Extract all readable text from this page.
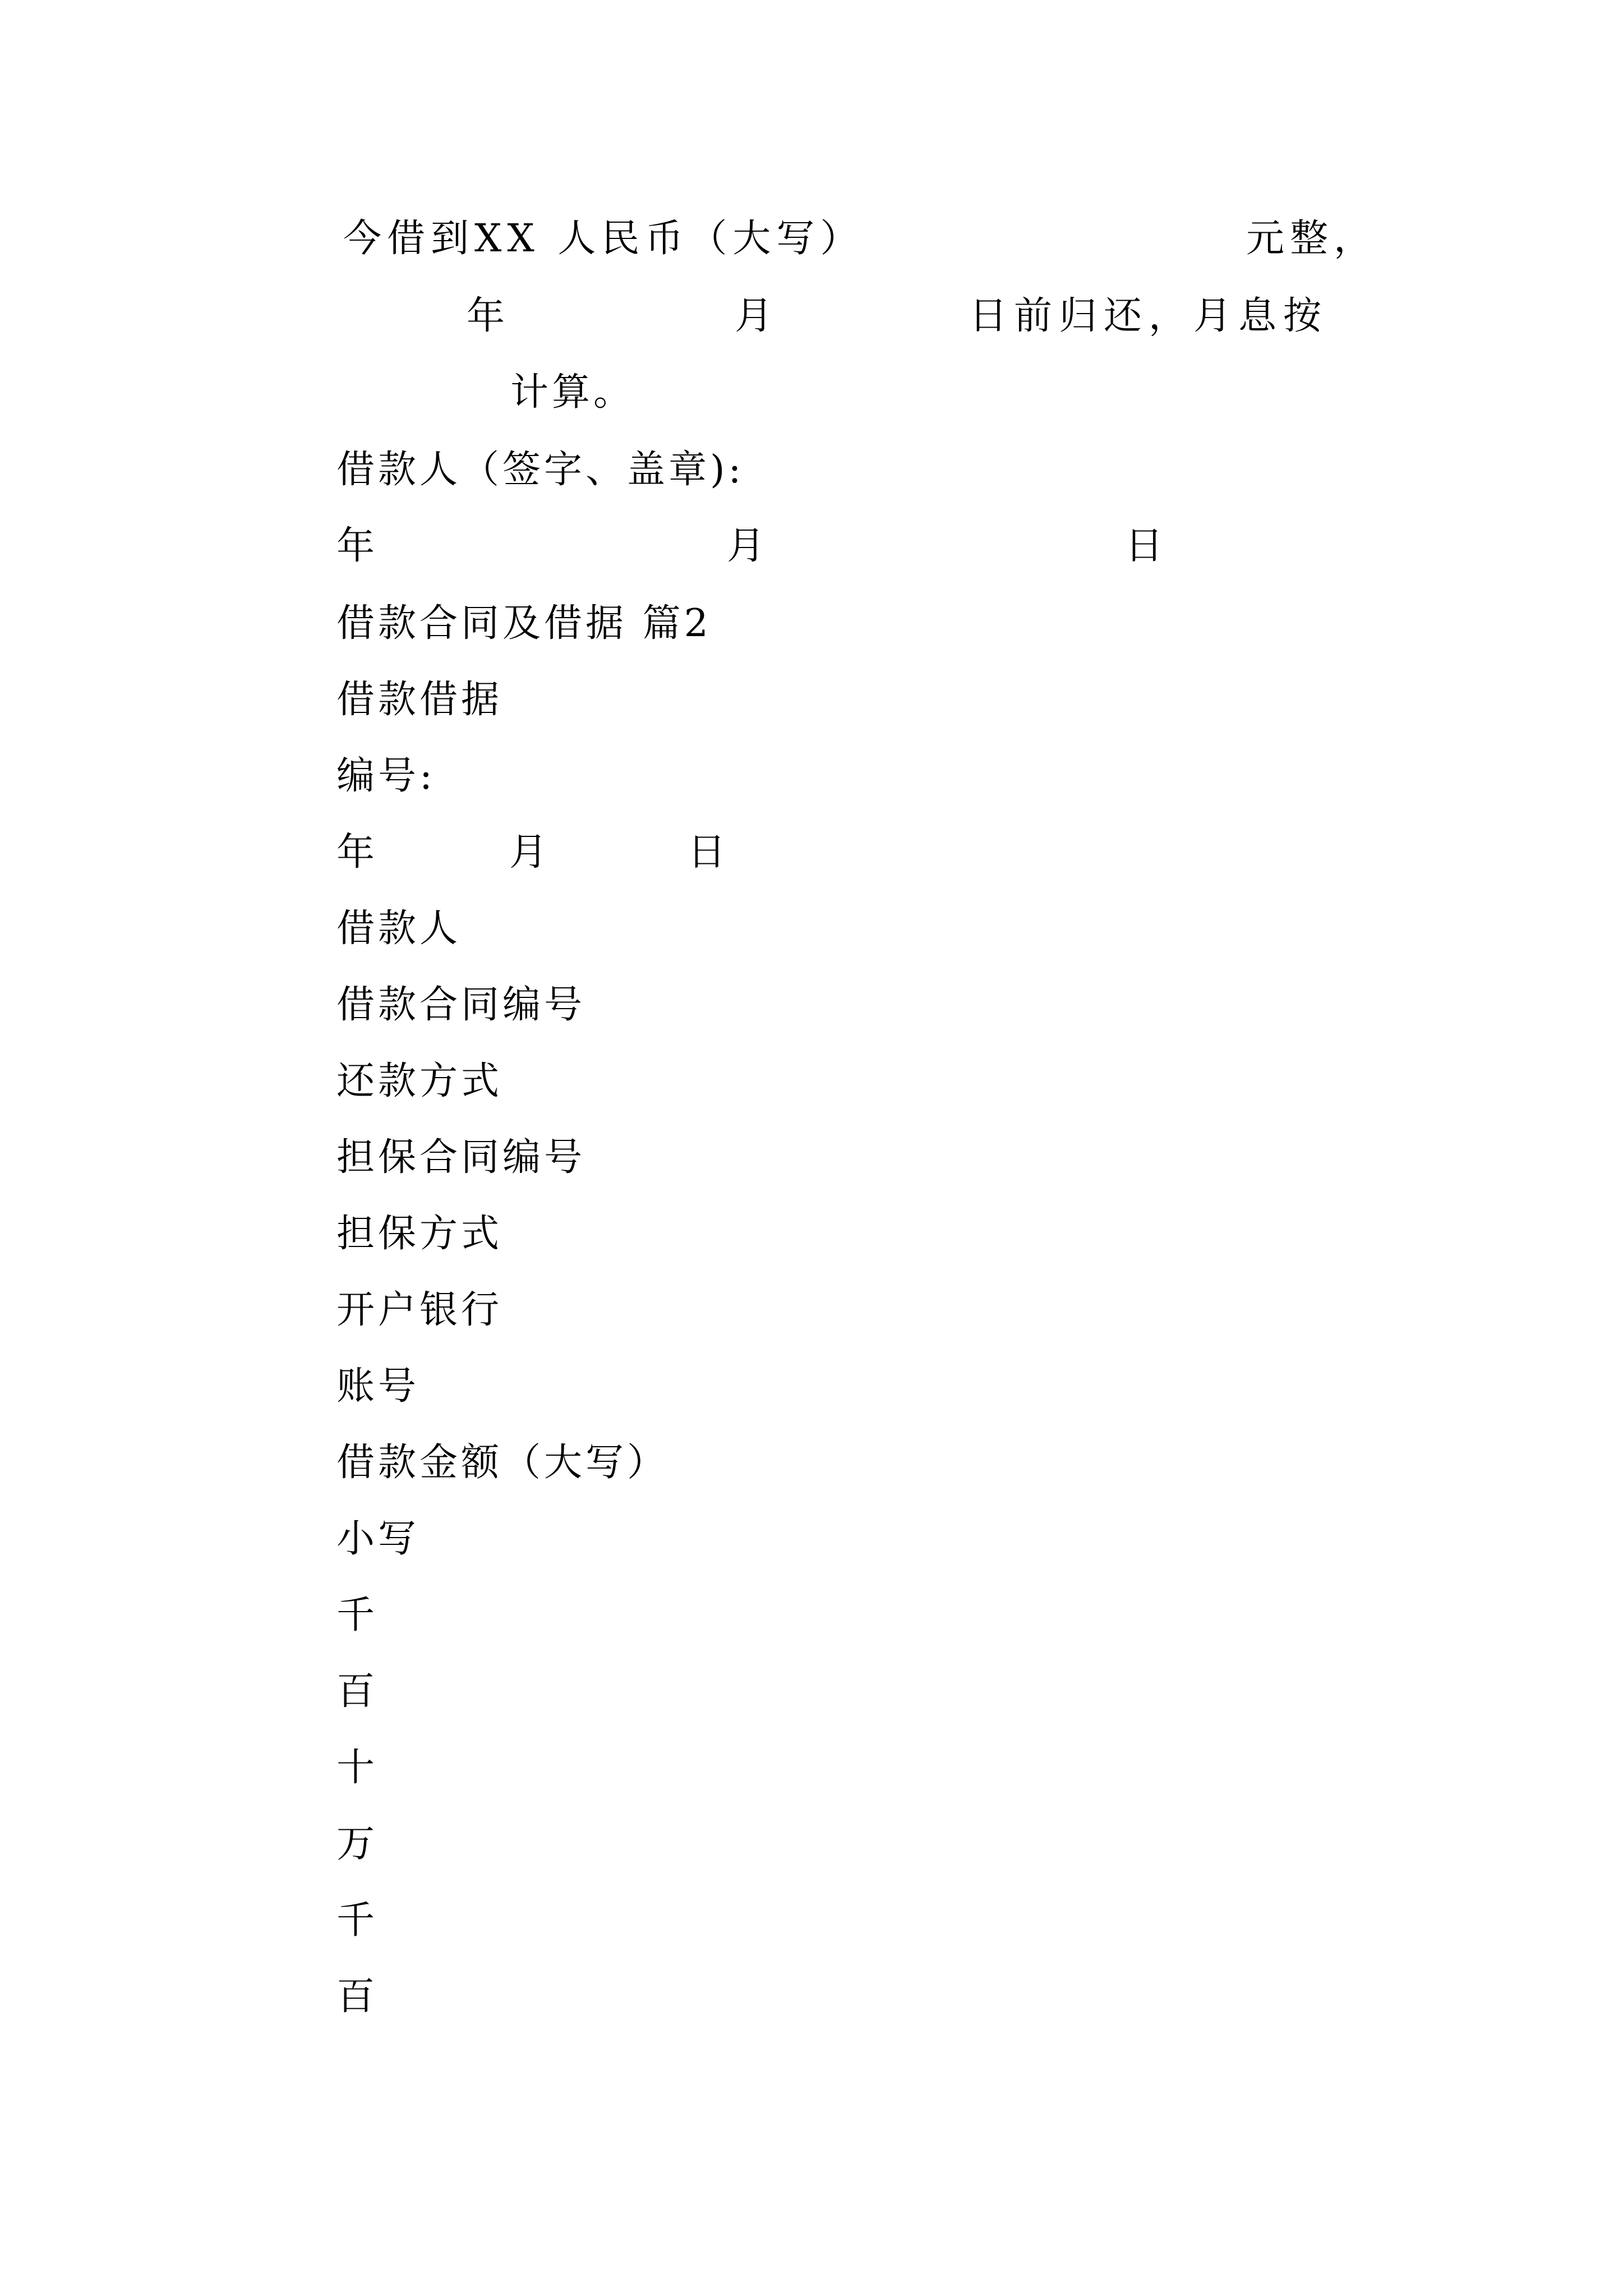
今借到XX 人民币（大写）	元整，
年	月	日前归还，月息按
计算。
借款人（签字、盖章):
年	月	日
借款合同及借据 篇2
借款借据
编号:
年	月	日
借款人
借款合同编号
还款方式
担保合同编号
担保方式
开户银行
账号
借款金额（大写）
小写
千
百
十
万
千
百
